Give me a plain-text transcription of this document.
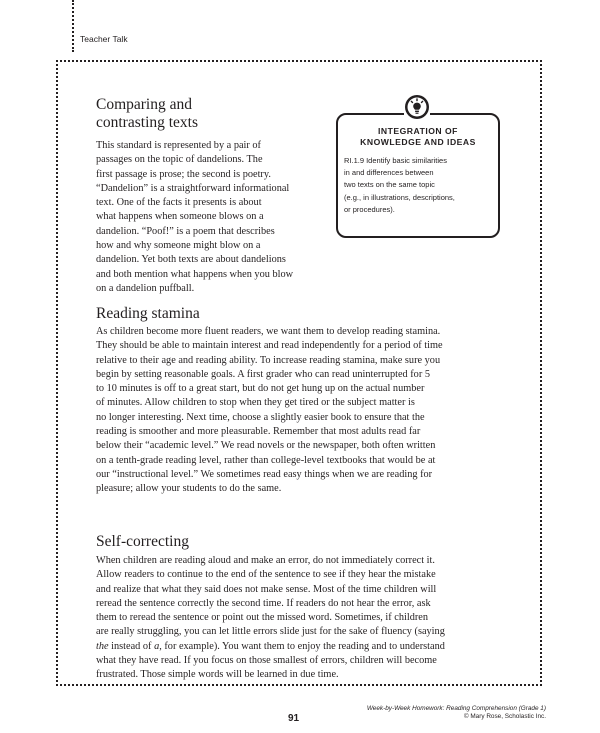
Teacher Talk
Comparing and
contrasting texts

This standard is represented by a pair of
passages on the topic of dandelions. The
first passage is prose; the second is poetry.
“Dandelion” is a straightforward informational
text. One of the facts it presents is about
what happens when someone blows on a
dandelion. “Poof!” is a poem that describes
how and why someone might blow on a
dandelion. Yet both texts are about dandelions
and both mention what happens when you blow
on a dandelion puffball.

INTEGRATION OF
KNOWLEDGE AND IDEAS
RI.1.9 Identify basic similarities
in and differences between
two texts on the same topic
(e.g., in illustrations, descriptions,
or procedures).
Reading stamina

As children become more fluent readers, we want them to develop reading stamina.
They should be able to maintain interest and read independently for a period of time
relative to their age and reading ability. To increase reading stamina, make sure you
begin by setting reasonable goals. A first grader who can read uninterrupted for 5
to 10 minutes is off to a great start, but do not get hung up on the actual number
of minutes. Allow children to stop when they get tired or the subject matter is
no longer interesting. Next time, choose a slightly easier book to ensure that the
reading is smoother and more pleasurable. Remember that most adults read far
below their “academic level.” We read novels or the newspaper, both often written
on a tenth-grade reading level, rather than college-level textbooks that would be at
our “instructional level.” We sometimes read easy things when we are reading for
pleasure; allow your students to do the same.

Self-correcting

When children are reading aloud and make an error, do not immediately correct it.
Allow readers to continue to the end of the sentence to see if they hear the mistake
and realize that what they said does not make sense. Most of the time children will
reread the sentence correctly the second time. If readers do not hear the error, ask
them to reread the sentence or point out the missed word. Sometimes, if children
are really struggling, you can let little errors slide just for the sake of fluency (saying
the instead of a, for example). You want them to enjoy the reading and to understand
what they have read. If you focus on those smallest of errors, children will become
frustrated. Those simple words will be learned in due time.

91
Week-by-Week Homework: Reading Comprehension (Grade 1)
© Mary Rose, Scholastic Inc.
